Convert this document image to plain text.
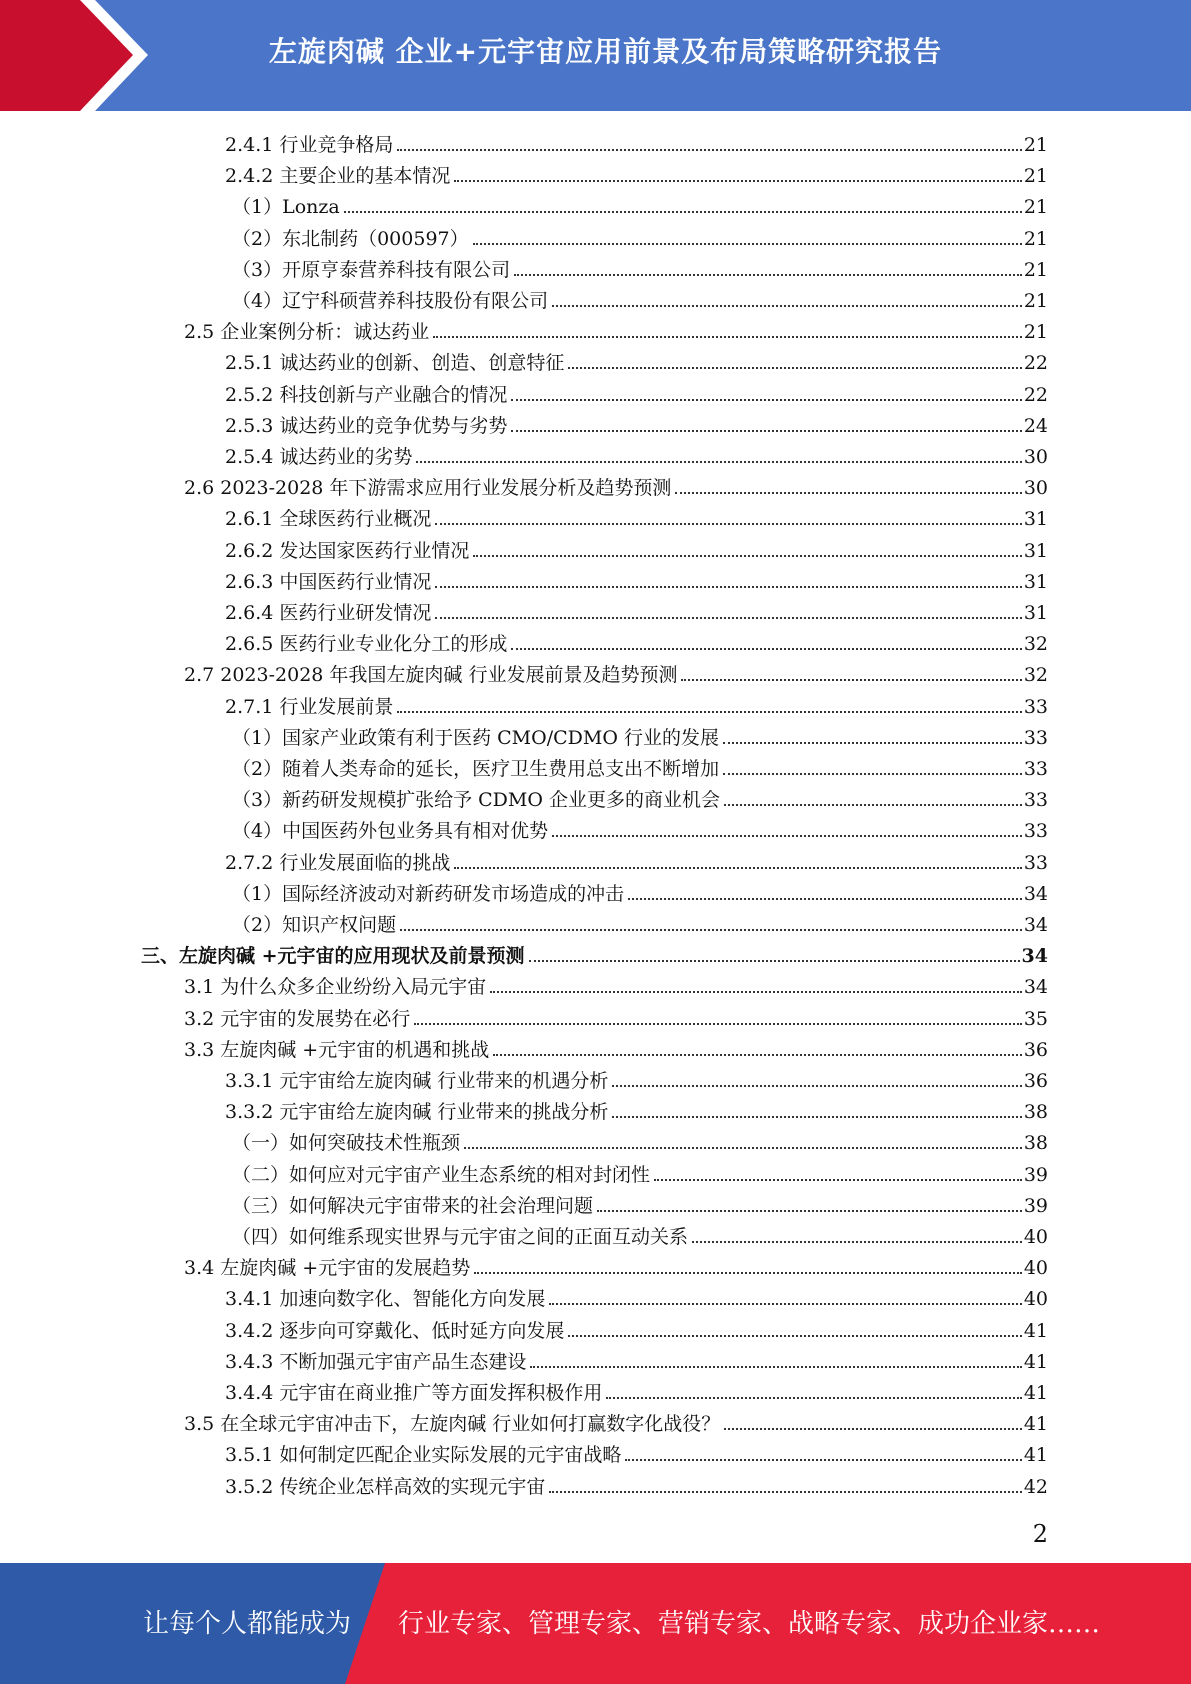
左旋肉碱 企业+元宇宙应用前景及布局策略研究报告
2.4.1 行业竞争格局	21
2.4.2 主要企业的基本情况	21
（1）Lonza	21
（2）东北制药（000597）	21
（3）开原亨泰营养科技有限公司	21
（4）辽宁科硕营养科技股份有限公司	21
2.5 企业案例分析：诚达药业	21
2.5.1 诚达药业的创新、创造、创意特征	22
2.5.2 科技创新与产业融合的情况	22
2.5.3 诚达药业的竞争优势与劣势	24
2.5.4 诚达药业的劣势	30
2.6 2023-2028 年下游需求应用行业发展分析及趋势预测	30
2.6.1 全球医药行业概况	31
2.6.2 发达国家医药行业情况	31
2.6.3 中国医药行业情况	31
2.6.4 医药行业研发情况	31
2.6.5 医药行业专业化分工的形成	32
2.7 2023-2028 年我国左旋肉碱 行业发展前景及趋势预测	32
2.7.1 行业发展前景	33
（1）国家产业政策有利于医药 CMO/CDMO 行业的发展	33
（2）随着人类寿命的延长，医疗卫生费用总支出不断增加	33
（3）新药研发规模扩张给予 CDMO 企业更多的商业机会	33
（4）中国医药外包业务具有相对优势	33
2.7.2 行业发展面临的挑战	33
（1）国际经济波动对新药研发市场造成的冲击	34
（2）知识产权问题	34
三、左旋肉碱 +元宇宙的应用现状及前景预测	34
3.1 为什么众多企业纷纷入局元宇宙	34
3.2 元宇宙的发展势在必行	35
3.3 左旋肉碱 +元宇宙的机遇和挑战	36
3.3.1 元宇宙给左旋肉碱 行业带来的机遇分析	36
3.3.2 元宇宙给左旋肉碱 行业带来的挑战分析	38
（一）如何突破技术性瓶颈	38
（二）如何应对元宇宙产业生态系统的相对封闭性	39
（三）如何解决元宇宙带来的社会治理问题	39
（四）如何维系现实世界与元宇宙之间的正面互动关系	40
3.4 左旋肉碱 +元宇宙的发展趋势	40
3.4.1 加速向数字化、智能化方向发展	40
3.4.2 逐步向可穿戴化、低时延方向发展	41
3.4.3 不断加强元宇宙产品生态建设	41
3.4.4 元宇宙在商业推广等方面发挥积极作用	41
3.5 在全球元宇宙冲击下，左旋肉碱 行业如何打赢数字化战役？	41
3.5.1 如何制定匹配企业实际发展的元宇宙战略	41
3.5.2 传统企业怎样高效的实现元宇宙	42
2
让每个人都能成为 行业专家、管理专家、营销专家、战略专家、成功企业家……
